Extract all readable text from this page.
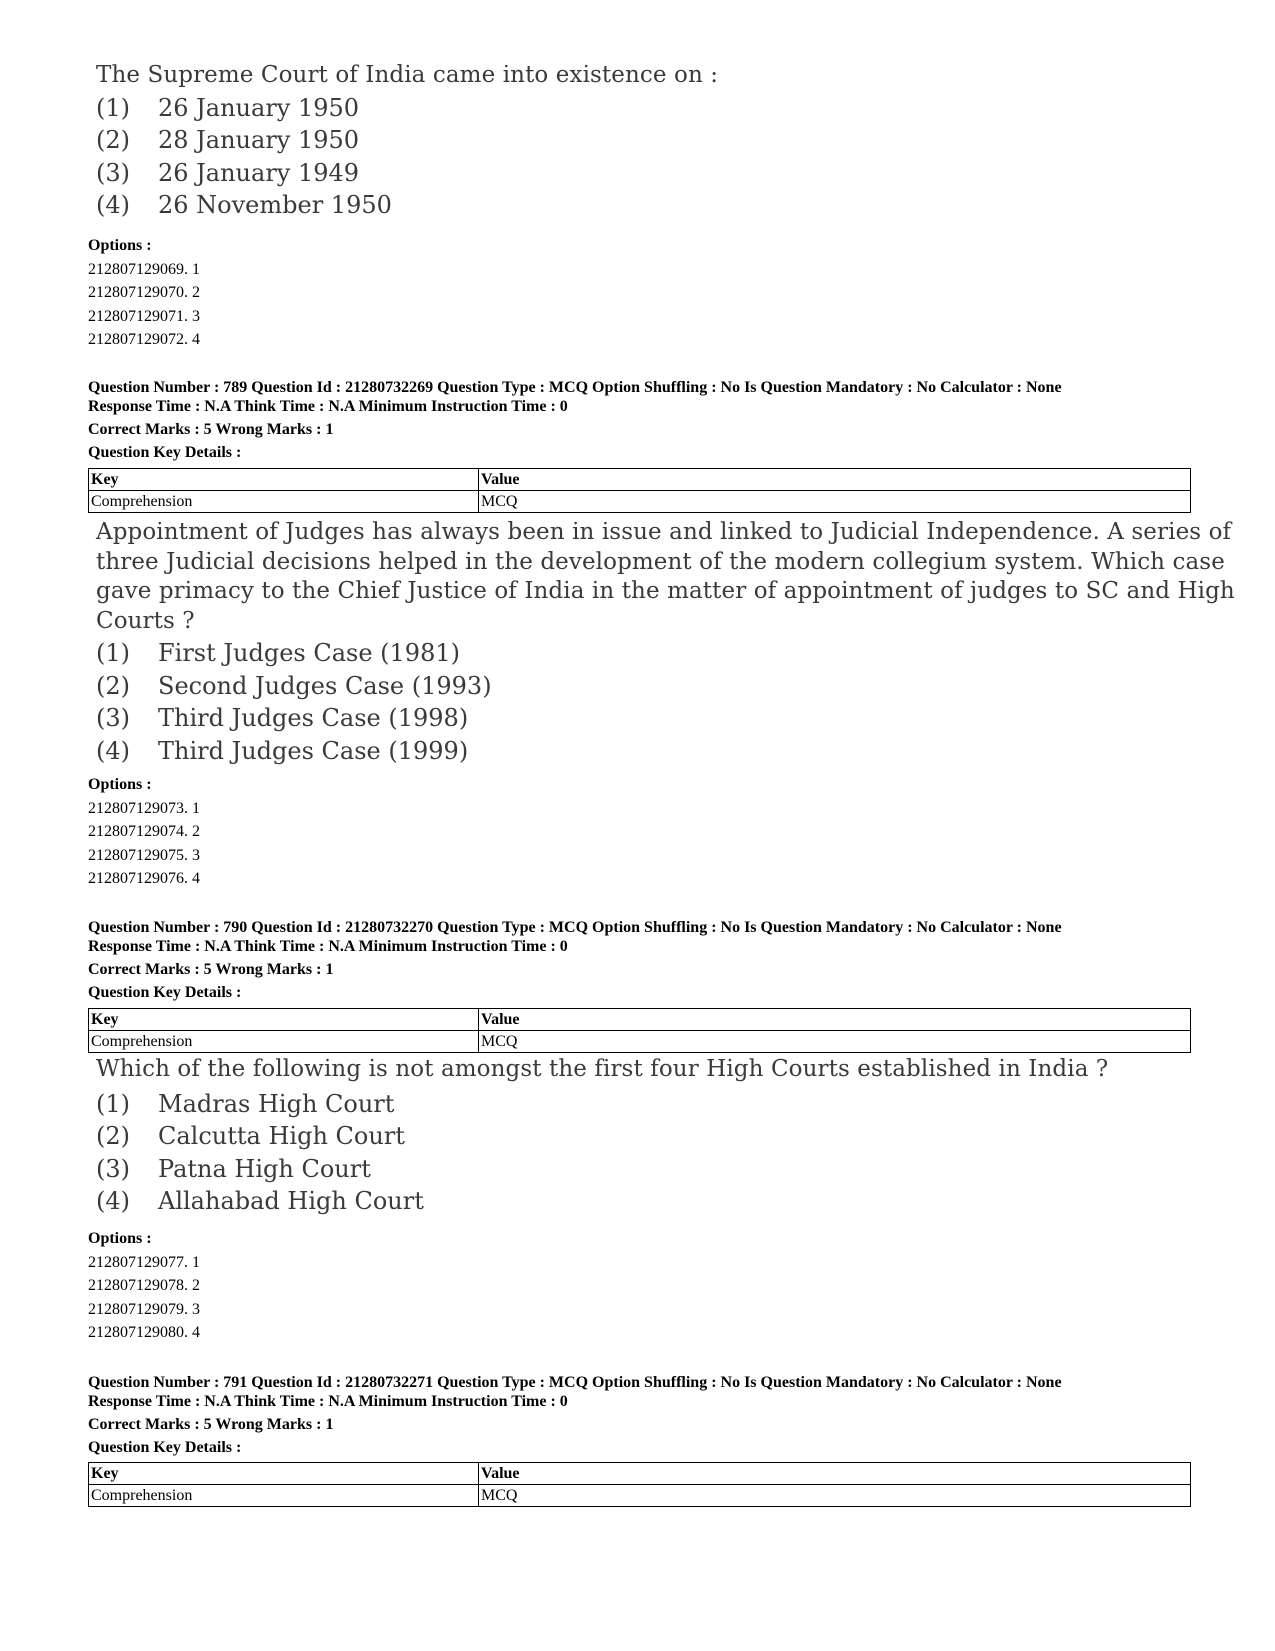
The Supreme Court of India came into existence on :
(1)	26 January 1950
(2)	28 January 1950
(3)	26 January 1949
(4)	26 November 1950
Options :
212807129069. 1
212807129070. 2
212807129071. 3
212807129072. 4
Question Number : 789 Question Id : 21280732269 Question Type : MCQ Option Shuffling : No Is Question Mandatory : No Calculator : None
Response Time : N.A Think Time : N.A Minimum Instruction Time : 0
Correct Marks : 5 Wrong Marks : 1
Question Key Details :
Key	Value
Comprehension	MCQ
Appointment of Judges has always been in issue and linked to Judicial Independence. A series of
three Judicial decisions helped in the development of the modern collegium system. Which case
gave primacy to the Chief Justice of India in the matter of appointment of judges to SC and High
Courts ?
(1)	First Judges Case (1981)
(2)	Second Judges Case (1993)
(3)	Third Judges Case (1998)
(4)	Third Judges Case (1999)
Options :
212807129073. 1
212807129074. 2
212807129075. 3
212807129076. 4
Question Number : 790 Question Id : 21280732270 Question Type : MCQ Option Shuffling : No Is Question Mandatory : No Calculator : None
Response Time : N.A Think Time : N.A Minimum Instruction Time : 0
Correct Marks : 5 Wrong Marks : 1
Question Key Details :
Key	Value
Comprehension	MCQ
Which of the following is not amongst the first four High Courts established in India ?
(1)	Madras High Court
(2)	Calcutta High Court
(3)	Patna High Court
(4)	Allahabad High Court
Options :
212807129077. 1
212807129078. 2
212807129079. 3
212807129080. 4
Question Number : 791 Question Id : 21280732271 Question Type : MCQ Option Shuffling : No Is Question Mandatory : No Calculator : None
Response Time : N.A Think Time : N.A Minimum Instruction Time : 0
Correct Marks : 5 Wrong Marks : 1
Question Key Details :
Key	Value
Comprehension	MCQ
